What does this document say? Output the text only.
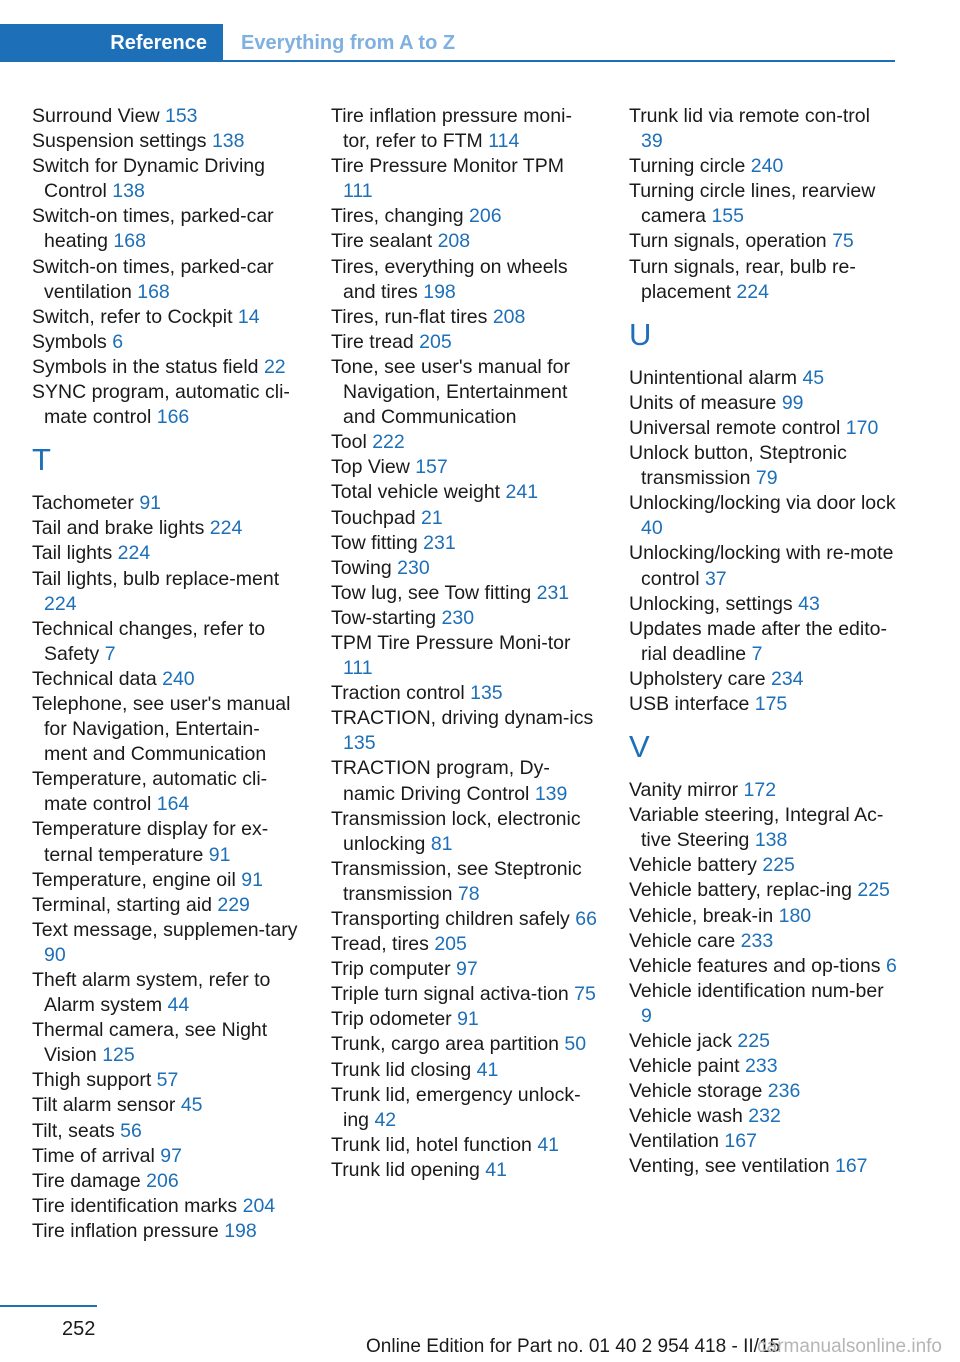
Reference	Everything from A to Z
Surround View 153
Suspension settings 138
Switch for Dynamic Driving Control 138
Switch-on times, parked-car heating 168
Switch-on times, parked-car ventilation 168
Switch, refer to Cockpit 14
Symbols 6
Symbols in the status field 22
SYNC program, automatic cli-mate control 166
T
Tachometer 91
Tail and brake lights 224
Tail lights 224
Tail lights, bulb replace-ment 224
Technical changes, refer to Safety 7
Technical data 240
Telephone, see user's manual for Navigation, Entertain-ment and Communication
Temperature, automatic cli-mate control 164
Temperature display for ex-ternal temperature 91
Temperature, engine oil 91
Terminal, starting aid 229
Text message, supplemen-tary 90
Theft alarm system, refer to Alarm system 44
Thermal camera, see Night Vision 125
Thigh support 57
Tilt alarm sensor 45
Tilt, seats 56
Time of arrival 97
Tire damage 206
Tire identification marks 204
Tire inflation pressure 198
Tire inflation pressure moni-tor, refer to FTM 114
Tire Pressure Monitor TPM 111
Tires, changing 206
Tire sealant 208
Tires, everything on wheels and tires 198
Tires, run-flat tires 208
Tire tread 205
Tone, see user's manual for Navigation, Entertainment and Communication
Tool 222
Top View 157
Total vehicle weight 241
Touchpad 21
Tow fitting 231
Towing 230
Tow lug, see Tow fitting 231
Tow-starting 230
TPM Tire Pressure Moni-tor 111
Traction control 135
TRACTION, driving dynam-ics 135
TRACTION program, Dy-namic Driving Control 139
Transmission lock, electronic unlocking 81
Transmission, see Steptronic transmission 78
Transporting children safely 66
Tread, tires 205
Trip computer 97
Triple turn signal activa-tion 75
Trip odometer 91
Trunk, cargo area partition 50
Trunk lid closing 41
Trunk lid, emergency unlock-ing 42
Trunk lid, hotel function 41
Trunk lid opening 41
Trunk lid via remote con-trol 39
Turning circle 240
Turning circle lines, rearview camera 155
Turn signals, operation 75
Turn signals, rear, bulb re-placement 224
U
Unintentional alarm 45
Units of measure 99
Universal remote control 170
Unlock button, Steptronic transmission 79
Unlocking/locking via door lock 40
Unlocking/locking with re-mote control 37
Unlocking, settings 43
Updates made after the edito-rial deadline 7
Upholstery care 234
USB interface 175
V
Vanity mirror 172
Variable steering, Integral Ac-tive Steering 138
Vehicle battery 225
Vehicle battery, replac-ing 225
Vehicle, break-in 180
Vehicle care 233
Vehicle features and op-tions 6
Vehicle identification num-ber 9
Vehicle jack 225
Vehicle paint 233
Vehicle storage 236
Vehicle wash 232
Ventilation 167
Venting, see ventilation 167
252
Online Edition for Part no. 01 40 2 954 418 - II/15
carmanualsonline.info
